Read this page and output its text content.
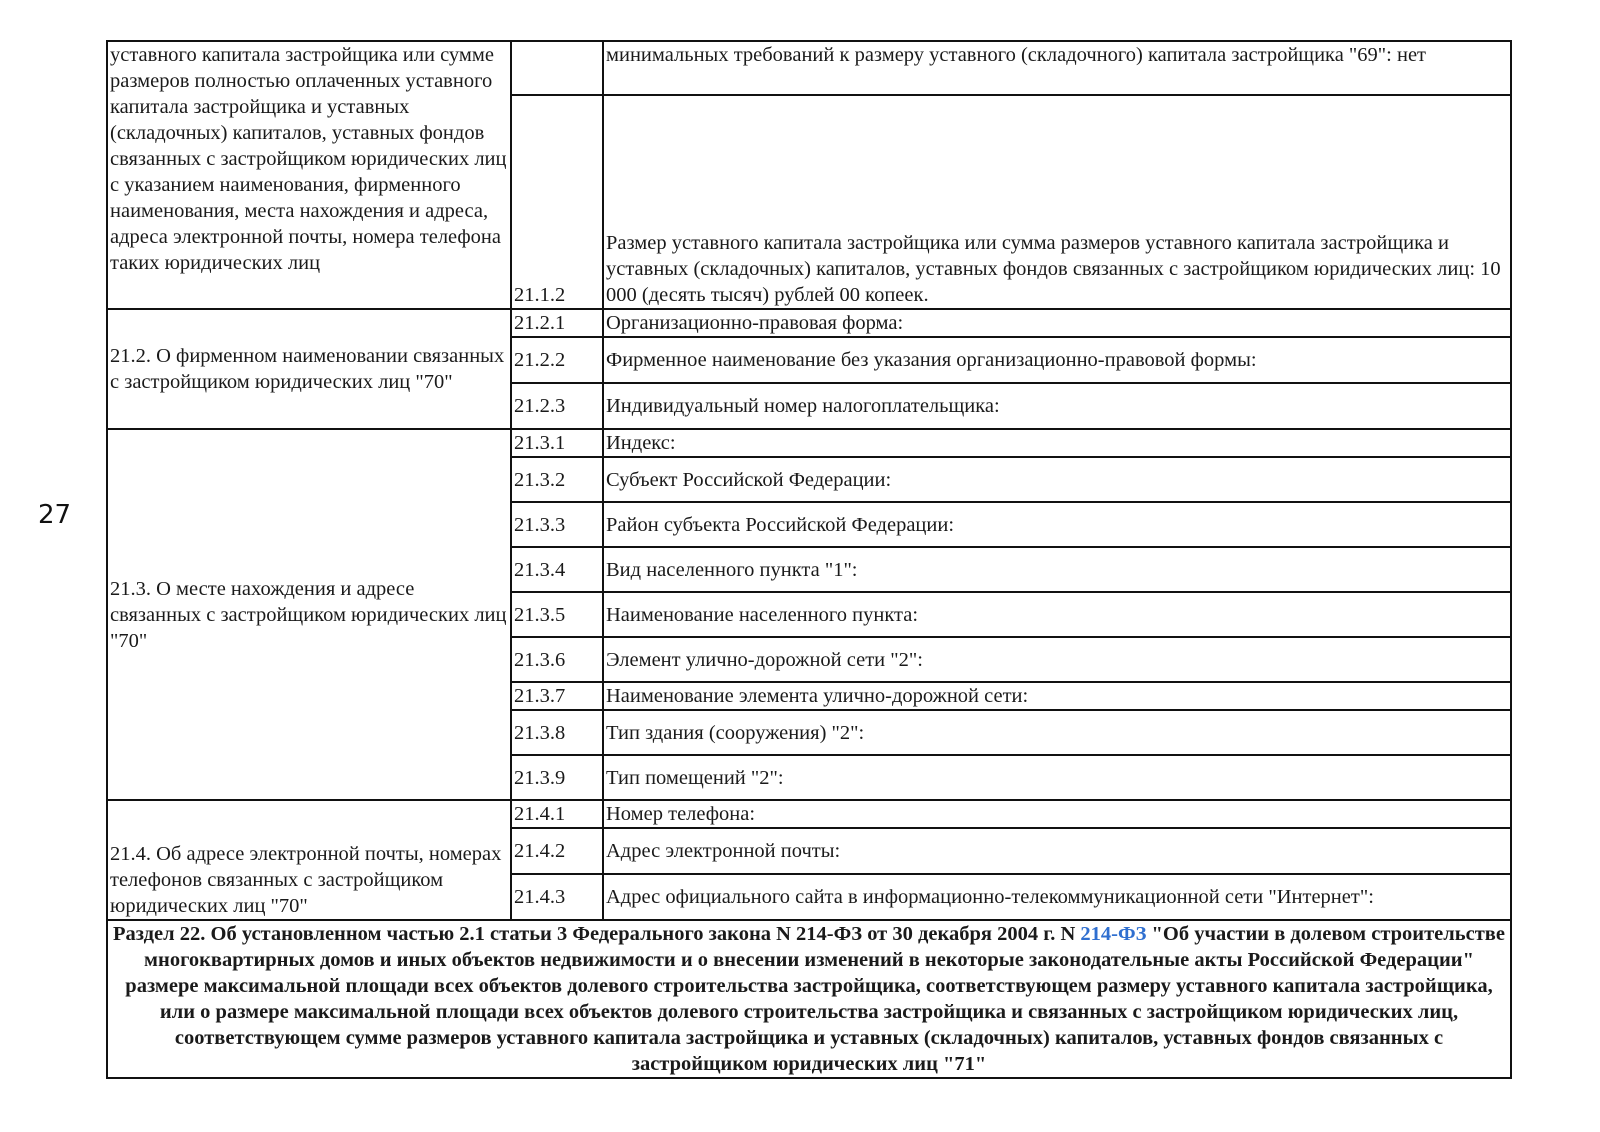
27
уставного капитала застройщика или сумме размеров полностью оплаченных уставного капитала застройщика и уставных (складочных) капиталов, уставных фондов связанных с застройщиком юридических лиц с указанием наименования, фирменного наименования, места нахождения и адреса, адреса электронной почты, номера телефона таких юридических лиц		минимальных требований к размеру уставного (складочного) капитала застройщика "69": нет
	21.1.2	Размер уставного капитала застройщика или сумма размеров уставного капитала застройщика и уставных (складочных) капиталов, уставных фондов связанных с застройщиком юридических лиц: 10 000 (десять тысяч) рублей 00 копеек.
21.2. О фирменном наименовании связанных с застройщиком юридических лиц "70"	21.2.1	Организационно-правовая форма:
	21.2.2	Фирменное наименование без указания организационно-правовой формы:
	21.2.3	Индивидуальный номер налогоплательщика:
21.3. О месте нахождения и адресе связанных с застройщиком юридических лиц "70"	21.3.1	Индекс:
	21.3.2	Субъект Российской Федерации:
	21.3.3	Район субъекта Российской Федерации:
	21.3.4	Вид населенного пункта "1":
	21.3.5	Наименование населенного пункта:
	21.3.6	Элемент улично-дорожной сети "2":
	21.3.7	Наименование элемента улично-дорожной сети:
	21.3.8	Тип здания (сооружения) "2":
	21.3.9	Тип помещений "2":
21.4. Об адресе электронной почты, номерах телефонов связанных с застройщиком юридических лиц "70"	21.4.1	Номер телефона:
	21.4.2	Адрес электронной почты:
	21.4.3	Адрес официального сайта в информационно-телекоммуникационной сети "Интернет":
Раздел 22. Об установленном частью 2.1 статьи 3 Федерального закона N 214-ФЗ от 30 декабря 2004 г. N 214-ФЗ "Об участии в долевом строительстве многоквартирных домов и иных объектов недвижимости и о внесении изменений в некоторые законодательные акты Российской Федерации" размере максимальной площади всех объектов долевого строительства застройщика, соответствующем размеру уставного капитала застройщика, или о размере максимальной площади всех объектов долевого строительства застройщика и связанных с застройщиком юридических лиц, соответствующем сумме размеров уставного капитала застройщика и уставных (складочных) капиталов, уставных фондов связанных с застройщиком юридических лиц "71"		
